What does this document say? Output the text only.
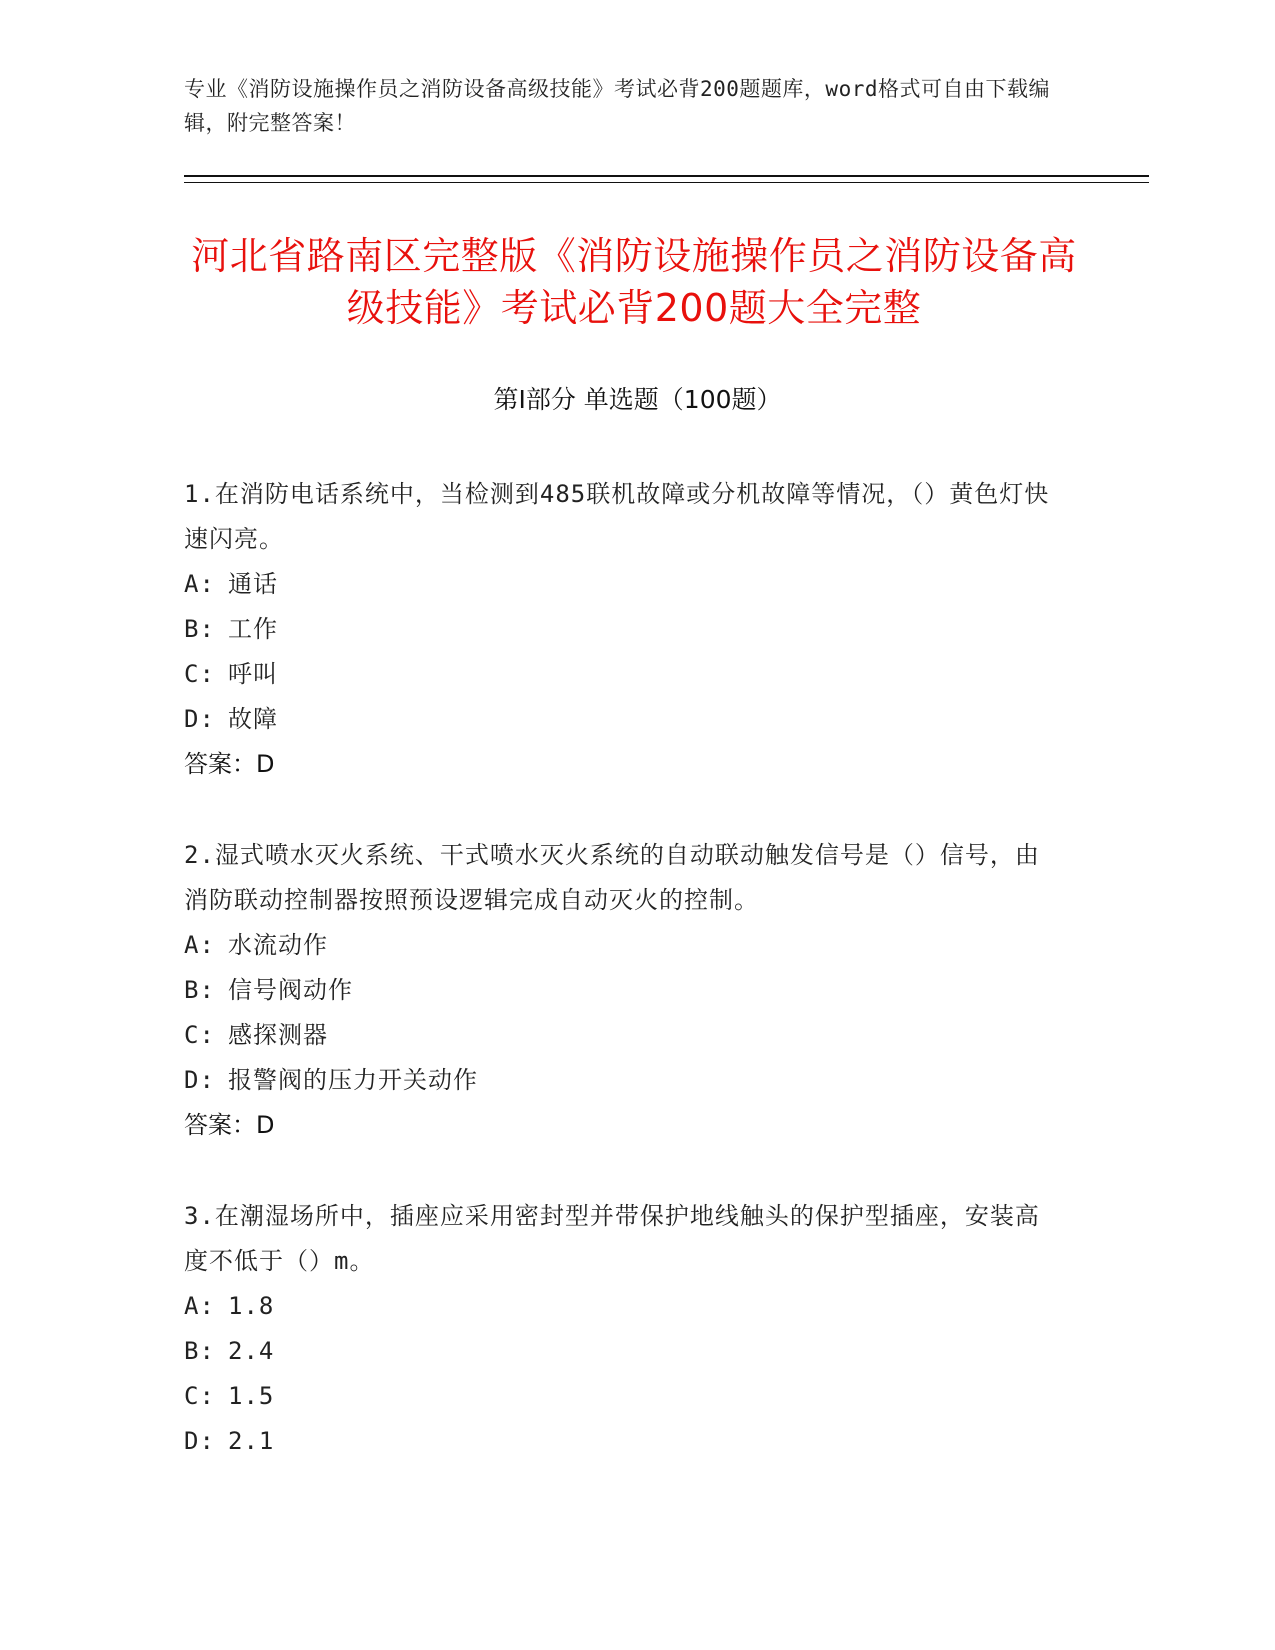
专业《消防设施操作员之消防设备高级技能》考试必背200题题库，word格式可自由下载编辑，附完整答案！
河北省路南区完整版《消防设施操作员之消防设备高级技能》考试必背200题大全完整
第Ⅰ部分 单选题（100题）
1.在消防电话系统中，当检测到485联机故障或分机故障等情况，（）黄色灯快速闪亮。
A: 通话
B: 工作
C: 呼叫
D: 故障
答案：D
2.湿式喷水灭火系统、干式喷水灭火系统的自动联动触发信号是（）信号，由消防联动控制器按照预设逻辑完成自动灭火的控制。
A: 水流动作
B: 信号阀动作
C: 感探测器
D: 报警阀的压力开关动作
答案：D
3.在潮湿场所中，插座应采用密封型并带保护地线触头的保护型插座，安装高度不低于（）m。
A: 1.8
B: 2.4
C: 1.5
D: 2.1
